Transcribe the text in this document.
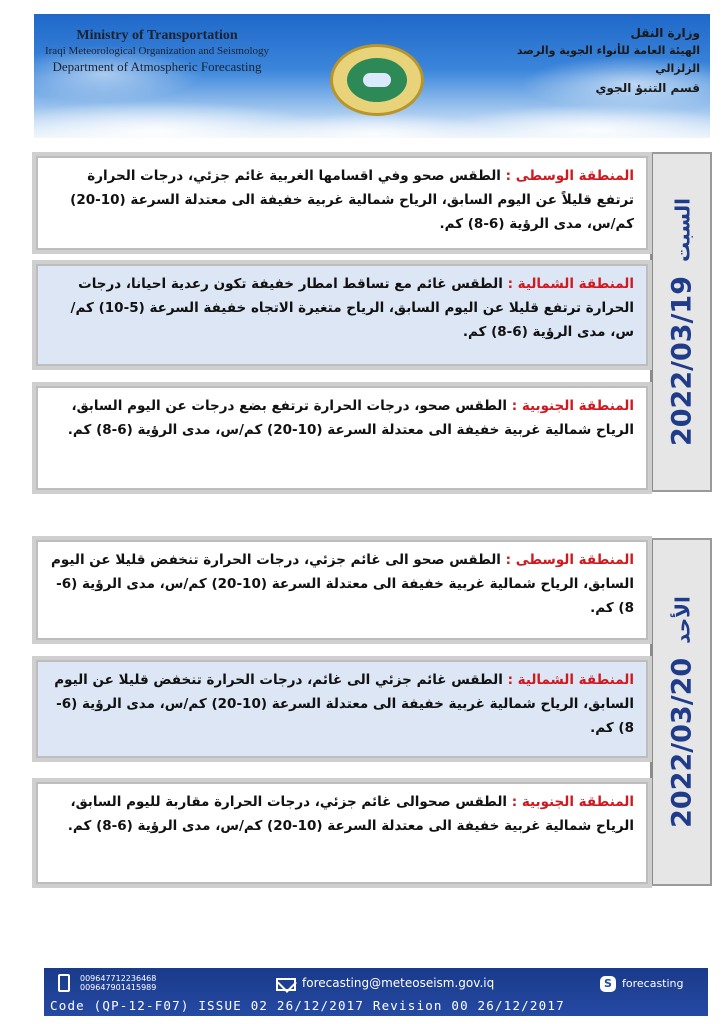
Ministry of Transportation
Iraqi Meteorological Organization and Seismology
Department of Atmospheric Forecasting
وزارة النقل
الهيئة العامة للأنواء الجوية والرصد الزلزالي
قسم التنبؤ الجوي
2022/03/19
السبت
المنطقة الوسطى : الطقس صحو وفي اقسامها الغربية غائم جزئي، درجات الحرارة ترتفع قليلاً عن اليوم السابق، الرياح شمالية غربية خفيفة الى معتدلة السرعة (10-20) كم/س، مدى الرؤية (6-8) كم.
المنطقة الشمالية : الطقس غائم مع تساقط امطار خفيفة تكون رعدية احيانا، درجات الحرارة ترتفع قليلا عن اليوم السابق، الرياح متغيرة الاتجاه خفيفة السرعة (5-10) كم/س، مدى الرؤية (6-8) كم.
المنطقة الجنوبية : الطقس صحو، درجات الحرارة ترتفع بضع درجات عن اليوم السابق، الرياح شمالية غربية خفيفة الى معتدلة السرعة (10-20) كم/س، مدى الرؤية (6-8) كم.
2022/03/20
الأحد
المنطقة الوسطى : الطقس صحو الى غائم جزئي، درجات الحرارة تنخفض قليلا عن اليوم السابق، الرياح شمالية غربية خفيفة الى معتدلة السرعة (10-20) كم/س، مدى الرؤية (6-8) كم.
المنطقة الشمالية : الطقس غائم جزئي الى غائم، درجات الحرارة تنخفض قليلا عن اليوم السابق، الرياح شمالية غربية خفيفة الى معتدلة السرعة (10-20) كم/س، مدى الرؤية (6-8) كم.
المنطقة الجنوبية : الطقس صحوالى غائم جزئي، درجات الحرارة مقاربة لليوم السابق، الرياح شمالية غربية خفيفة الى معتدلة السرعة (10-20) كم/س، مدى الرؤية (6-8) كم.
009647712236468
009647901415989	forecasting@meteoseism.gov.iq	S forecasting
Code (QP-12-F07) ISSUE 02 26/12/2017 Revision 00 26/12/2017
